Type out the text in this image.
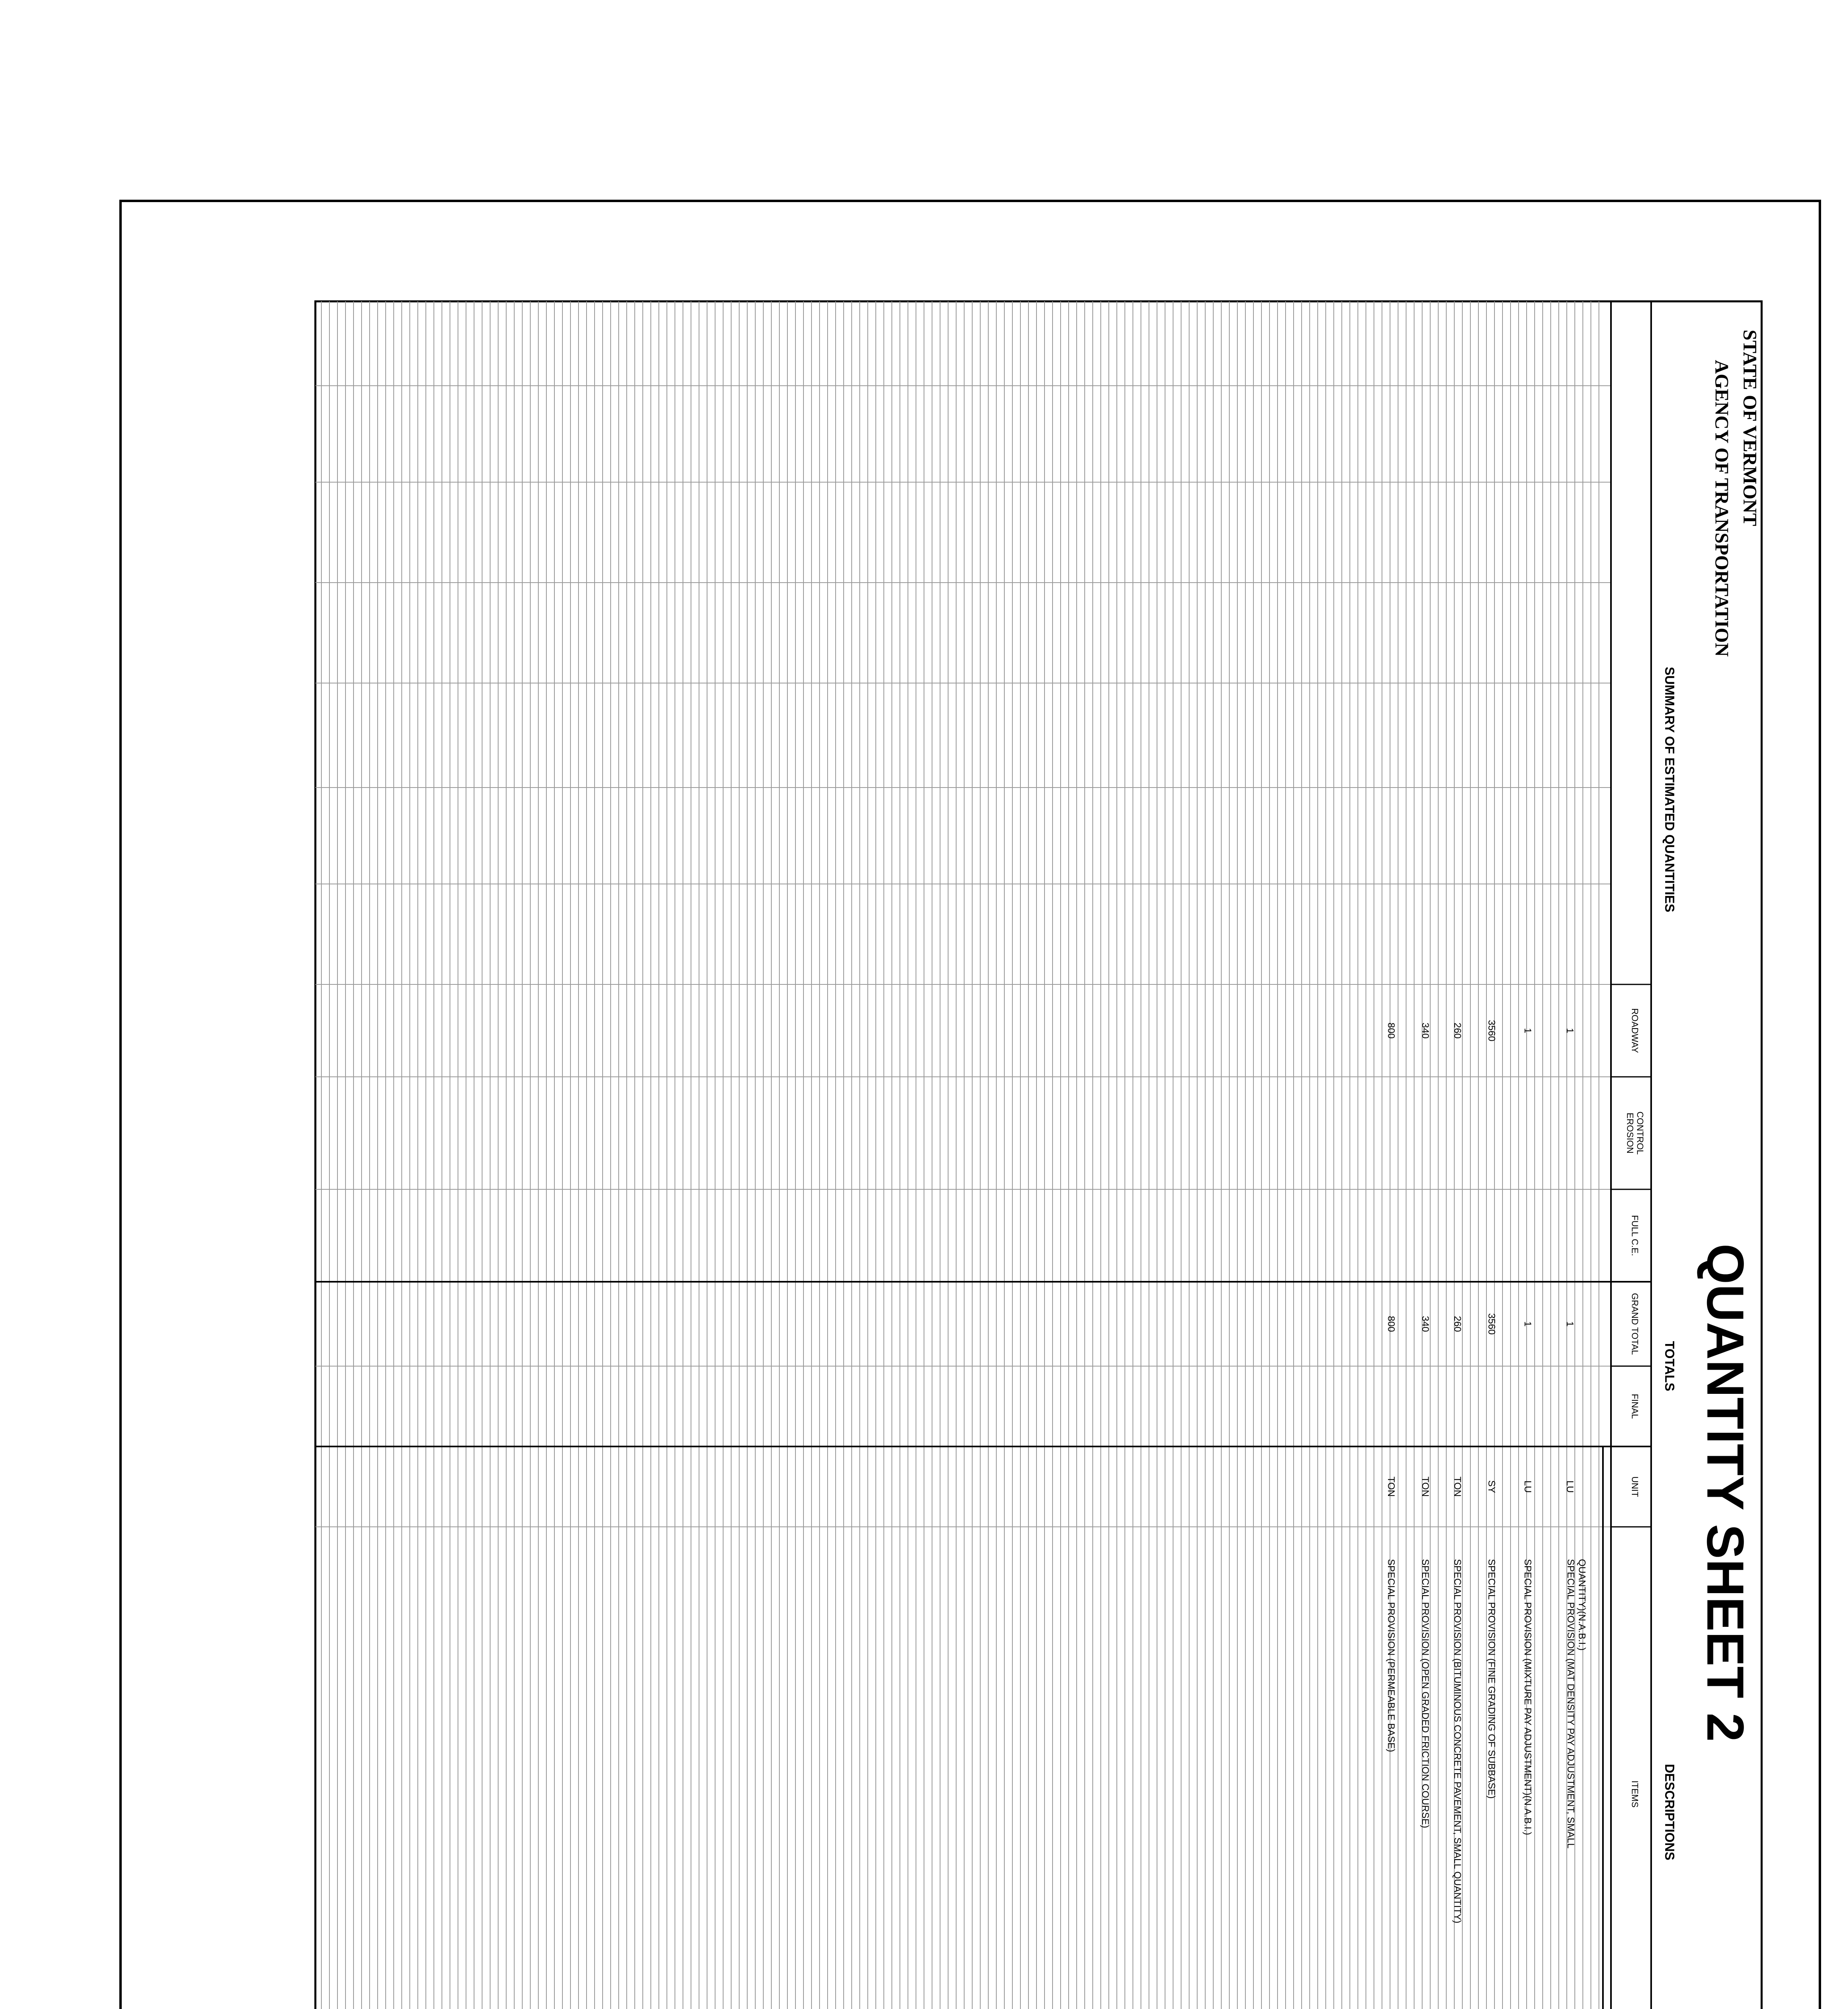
STATE OF VERMONT
AGENCY OF TRANSPORTATION
QUANTITY SHEET 2
SUMMARY OF ESTIMATED QUANTITIES
TOTALS
DESCRIPTIONS
ROADWAY
EROSION CONTROL
FULL C.E.
GRAND TOTAL
FINAL
UNIT
ITEMS
1
1
LU
SPECIAL PROVISION (MAT DENSITY PAY ADJUSTMENT, SMALL QUANTITY)(N.A.B.I.)
1
1
LU
SPECIAL PROVISION (MIXTURE PAY ADJUSTMENT)(N.A.B.I.)
3560
3560
SY
SPECIAL PROVISION (FINE GRADING OF SUBBASE)
260
260
TON
SPECIAL PROVISION (BITUMINOUS CONCRETE PAVEMENT, SMALL QUANTITY)
340
340
TON
SPECIAL PROVISION (OPEN GRADED FRICTION COURSE)
800
800
TON
SPECIAL PROVISION (PERMEABLE BASE)
